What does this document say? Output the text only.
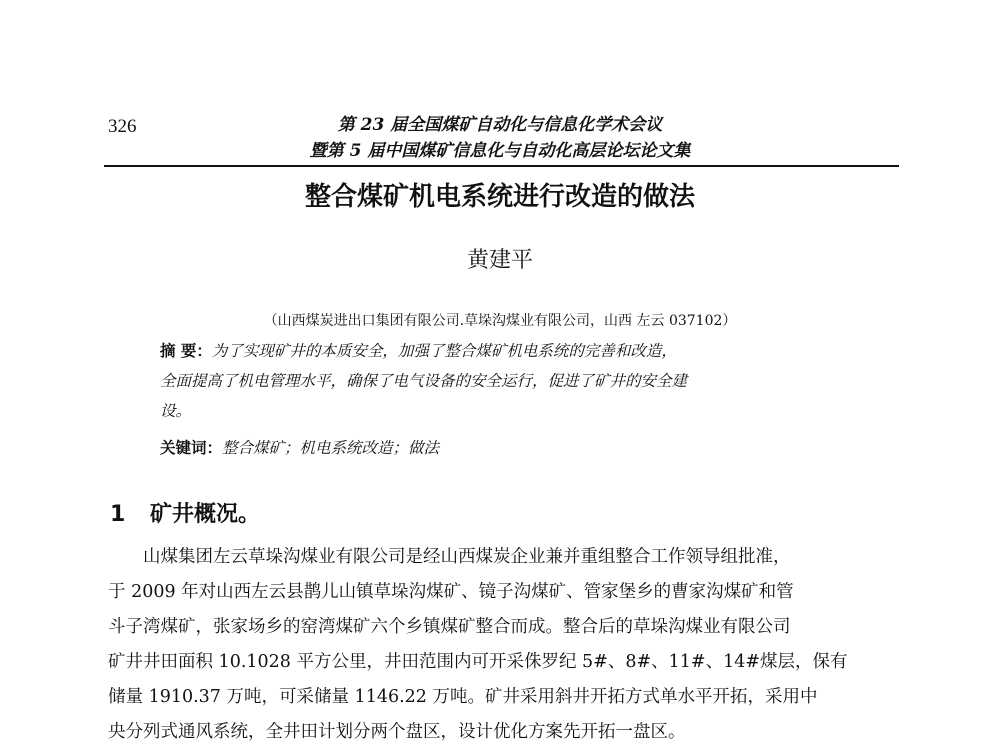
326	第 23 届全国煤矿自动化与信息化学术会议
暨第 5 届中国煤矿信息化与自动化高层论坛论文集
整合煤矿机电系统进行改造的做法
黄建平
（山西煤炭进出口集团有限公司.草垛沟煤业有限公司，山西 左云 037102）
摘 要：为了实现矿井的本质安全，加强了整合煤矿机电系统的完善和改造，
全面提高了机电管理水平，确保了电气设备的安全运行，促进了矿井的安全建
设。
关键词：整合煤矿；机电系统改造；做法
1 矿井概况。
山煤集团左云草垛沟煤业有限公司是经山西煤炭企业兼并重组整合工作领导组批准，
于 2009 年对山西左云县鹊儿山镇草垛沟煤矿、镜子沟煤矿、管家堡乡的曹家沟煤矿和管
斗子湾煤矿，张家场乡的窑湾煤矿六个乡镇煤矿整合而成。整合后的草垛沟煤业有限公司
矿井井田面积 10.1028 平方公里，井田范围内可开采侏罗纪 5#、8#、11#、14#煤层，保有
储量 1910.37 万吨，可采储量 1146.22 万吨。矿井采用斜井开拓方式单水平开拓，采用中
央分列式通风系统，全井田计划分两个盘区，设计优化方案先开拓一盘区。
